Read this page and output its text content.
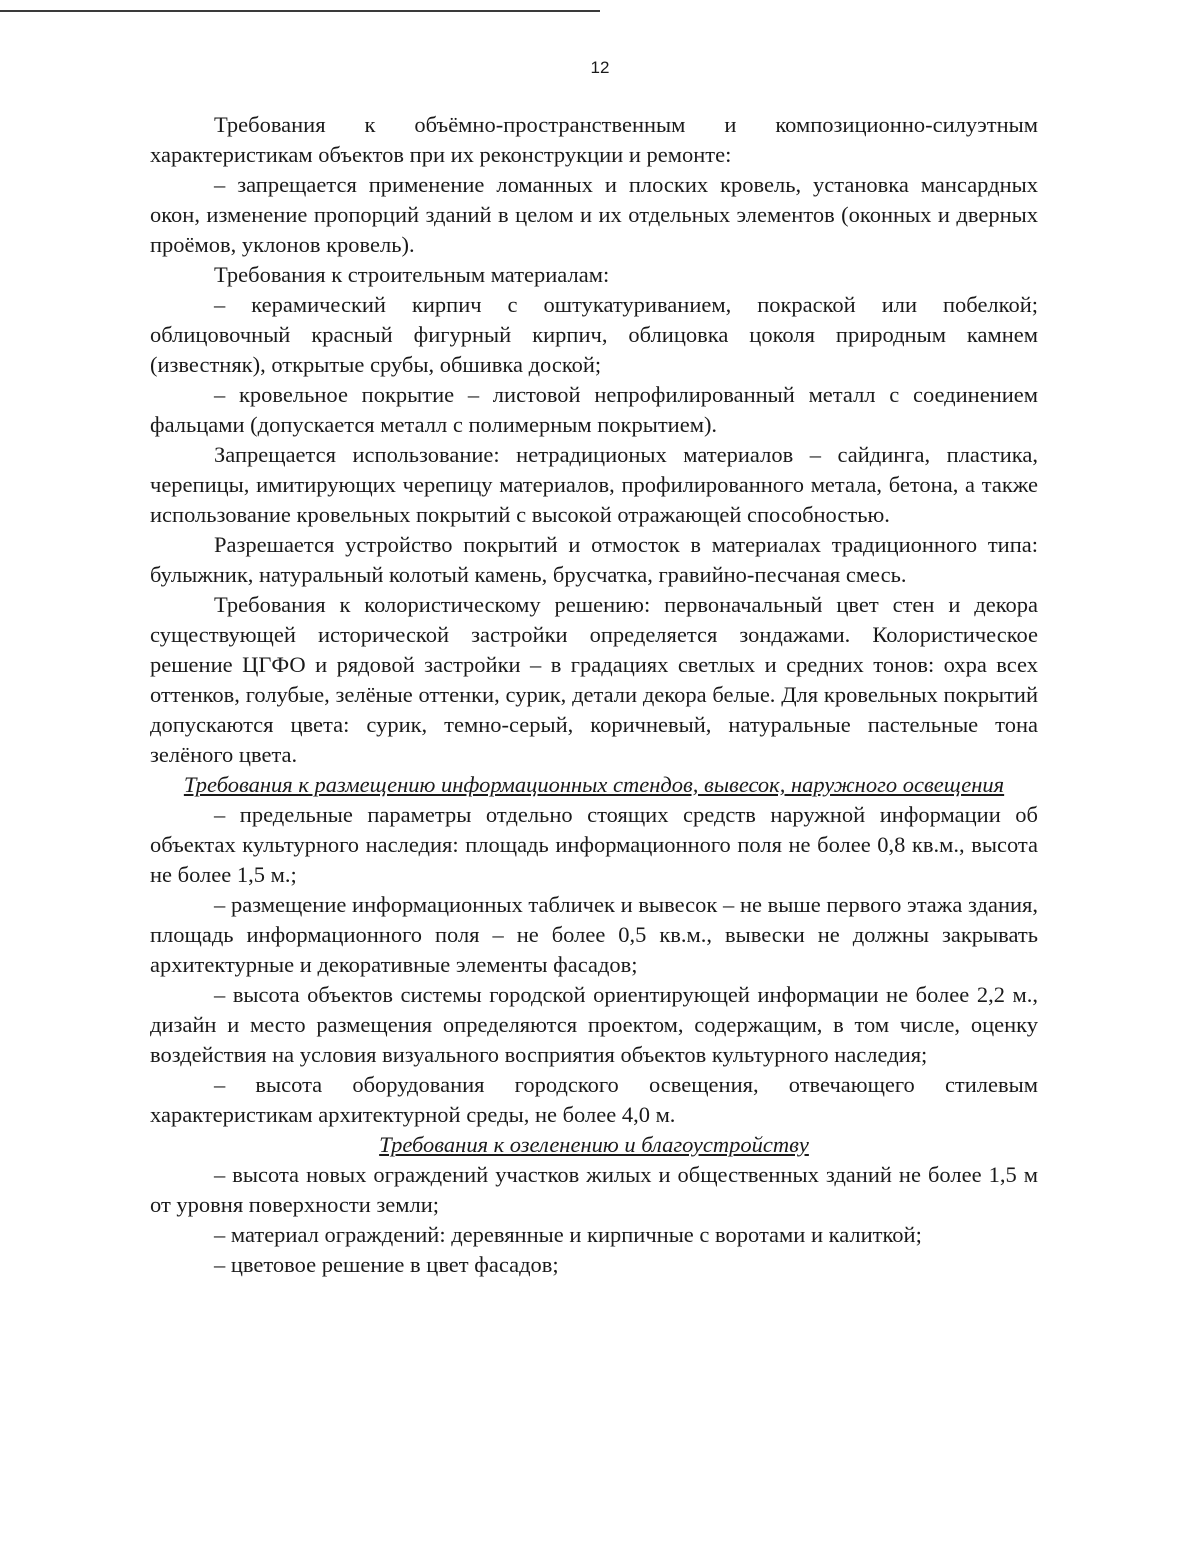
12

Требования к объёмно-пространственным и композиционно-силуэтным характеристикам объектов при их реконструкции и ремонте:

– запрещается применение ломанных и плоских кровель, установка мансардных окон, изменение пропорций зданий в целом и их отдельных элементов (оконных и дверных проёмов, уклонов кровель).

Требования к строительным материалам:

– керамический кирпич с оштукатуриванием, покраской или побелкой; облицовочный красный фигурный кирпич, облицовка цоколя природным камнем (известняк), открытые срубы, обшивка доской;

– кровельное покрытие – листовой непрофилированный металл с соединением фальцами (допускается металл с полимерным покрытием).

Запрещается использование: нетрадиционых материалов – сайдинга, пластика, черепицы, имитирующих черепицу материалов, профилированного метала, бетона, а также использование кровельных покрытий с высокой отражающей способностью.

Разрешается устройство покрытий и отмосток в материалах традиционного типа: булыжник, натуральный колотый камень, брусчатка, гравийно-песчаная смесь.

Требования к колористическому решению: первоначальный цвет стен и декора существующей исторической застройки определяется зондажами. Колористическое решение ЦГФО и рядовой застройки – в градациях светлых и средних тонов: охра всех оттенков, голубые, зелёные оттенки, сурик, детали декора белые. Для кровельных покрытий допускаются цвета: сурик, темно-серый, коричневый, натуральные пастельные тона зелёного цвета.

Требования к размещению информационных стендов, вывесок, наружного освещения

– предельные параметры отдельно стоящих средств наружной информации об объектах культурного наследия: площадь информационного поля не более 0,8 кв.м., высота не более 1,5 м.;

– размещение информационных табличек и вывесок – не выше первого этажа здания, площадь информационного поля – не более 0,5 кв.м., вывески не должны закрывать архитектурные и декоративные элементы фасадов;

– высота объектов системы городской ориентирующей информации не более 2,2 м., дизайн и место размещения определяются проектом, содержащим, в том числе, оценку воздействия на условия визуального восприятия объектов культурного наследия;

– высота оборудования городского освещения, отвечающего стилевым характеристикам архитектурной среды, не более 4,0 м.

Требования к озеленению и благоустройству

– высота новых ограждений участков жилых и общественных зданий не более 1,5 м от уровня поверхности земли;

– материал ограждений: деревянные и кирпичные с воротами и калиткой;

– цветовое решение в цвет фасадов;
